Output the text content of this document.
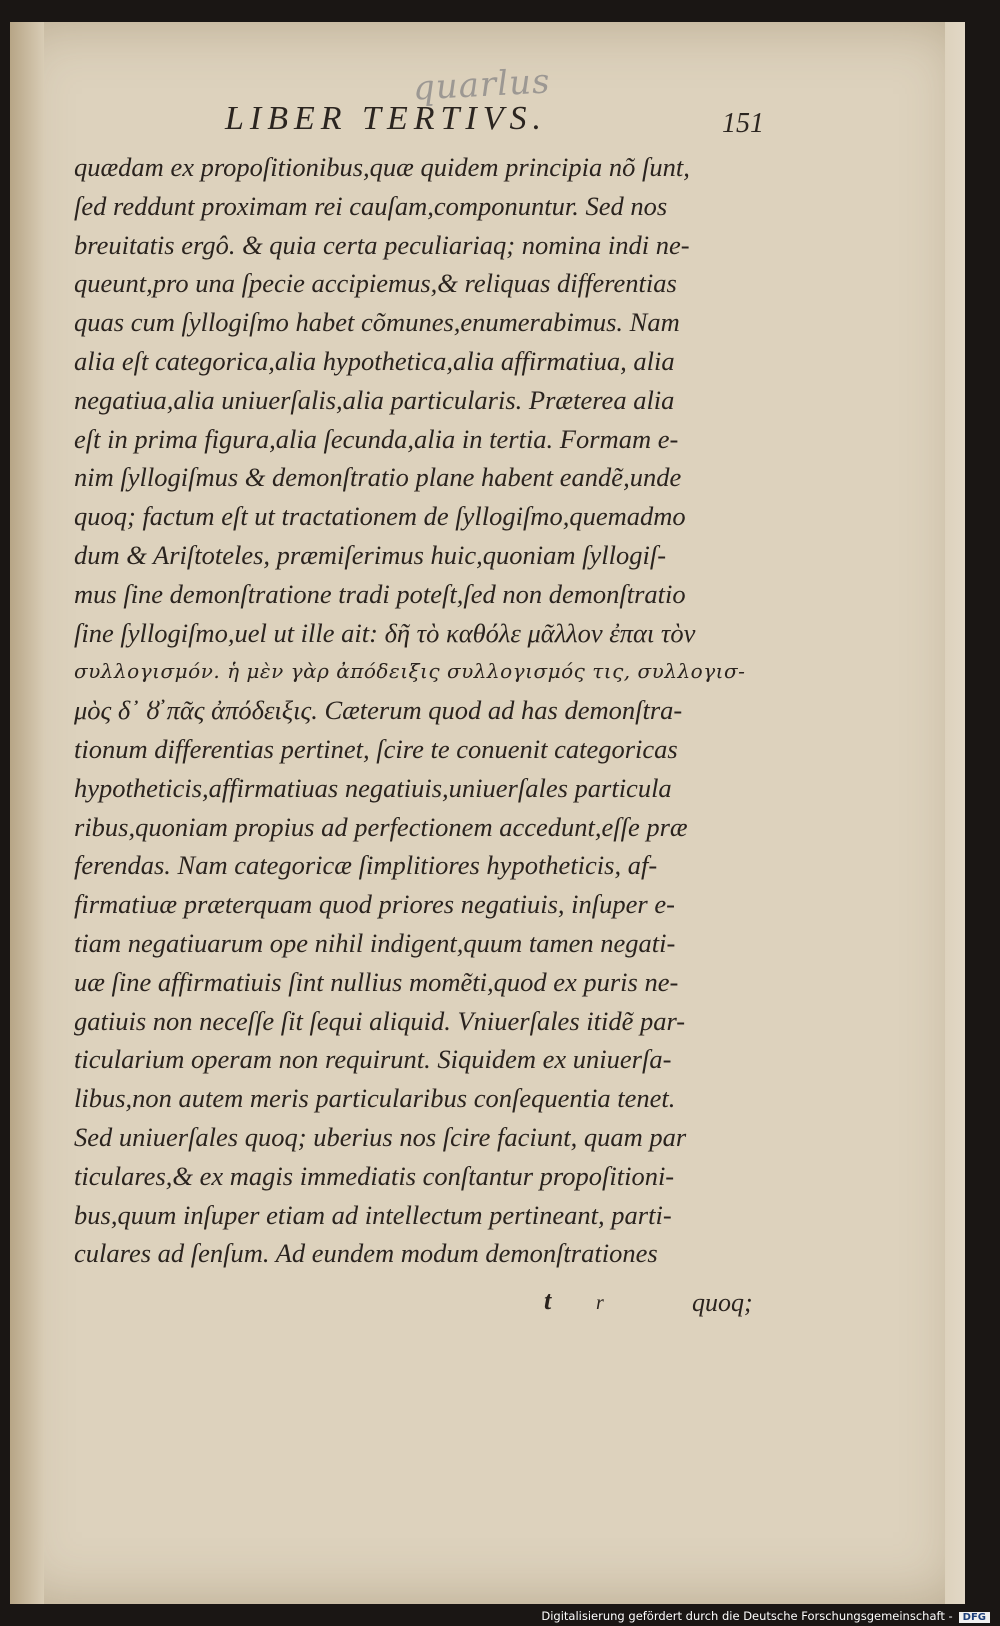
quarlus
LIBER TERTIVS.	151
quædam ex propoſitionibus,quæ quidem principia nõ ſunt,
ſed reddunt proximam rei cauſam,componuntur. Sed nos
breuitatis ergô. & quia certa peculiariaq; nomina indi ne-
queunt,pro una ſpecie accipiemus,& reliquas differentias
quas cum ſyllogiſmo habet cõmunes,enumerabimus. Nam
alia eſt categorica,alia hypothetica,alia affirmatiua, alia
negatiua,alia uniuerſalis,alia particularis. Præterea alia
eſt in prima figura,alia ſecunda,alia in tertia. Formam e-
nim ſyllogiſmus & demonſtratio plane habent eandẽ,unde
quoq; factum eſt ut tractationem de ſyllogiſmo,quemadmo
dum & Ariſtoteles, præmiſerimus huic,quoniam ſyllogiſ-
mus ſine demonſtratione tradi poteſt,ſed non demonſtratio
ſine ſyllogiſmo,uel ut ille ait: δῆ τὸ καθόλε μᾶλλον ἐπαι τὸν
συλλογισμόν. ἡ μὲν γὰρ ἀπόδειξις συλλογισμός τις, συλλογισ-
μὸς δ᾿ ȣ̓ πᾶς ἀπόδειξις. Cæterum quod ad has demonſtra-
tionum differentias pertinet, ſcire te conuenit categoricas
hypotheticis,affirmatiuas negatiuis,uniuerſales particula
ribus,quoniam propius ad perfectionem accedunt,eſſe præ
ferendas. Nam categoricæ ſimplitiores hypotheticis, af-
firmatiuæ præterquam quod priores negatiuis, inſuper e-
tiam negatiuarum ope nihil indigent,quum tamen negati-
uæ ſine affirmatiuis ſint nullius momẽti,quod ex puris ne-
gatiuis non neceſſe ſit ſequi aliquid. Vniuerſales itidẽ par-
ticularium operam non requirunt. Siquidem ex uniuerſa-
libus,non autem meris particularibus conſequentia tenet.
Sed uniuerſales quoq; uberius nos ſcire faciunt, quam par
ticulares,& ex magis immediatis conſtantur propoſitioni-
bus,quum inſuper etiam ad intellectum pertineant, parti-
culares ad ſenſum. Ad eundem modum demonſtrationes
t r	quoq;
Digitalisierung gefördert durch die Deutsche Forschungsgemeinschaft - DFG
